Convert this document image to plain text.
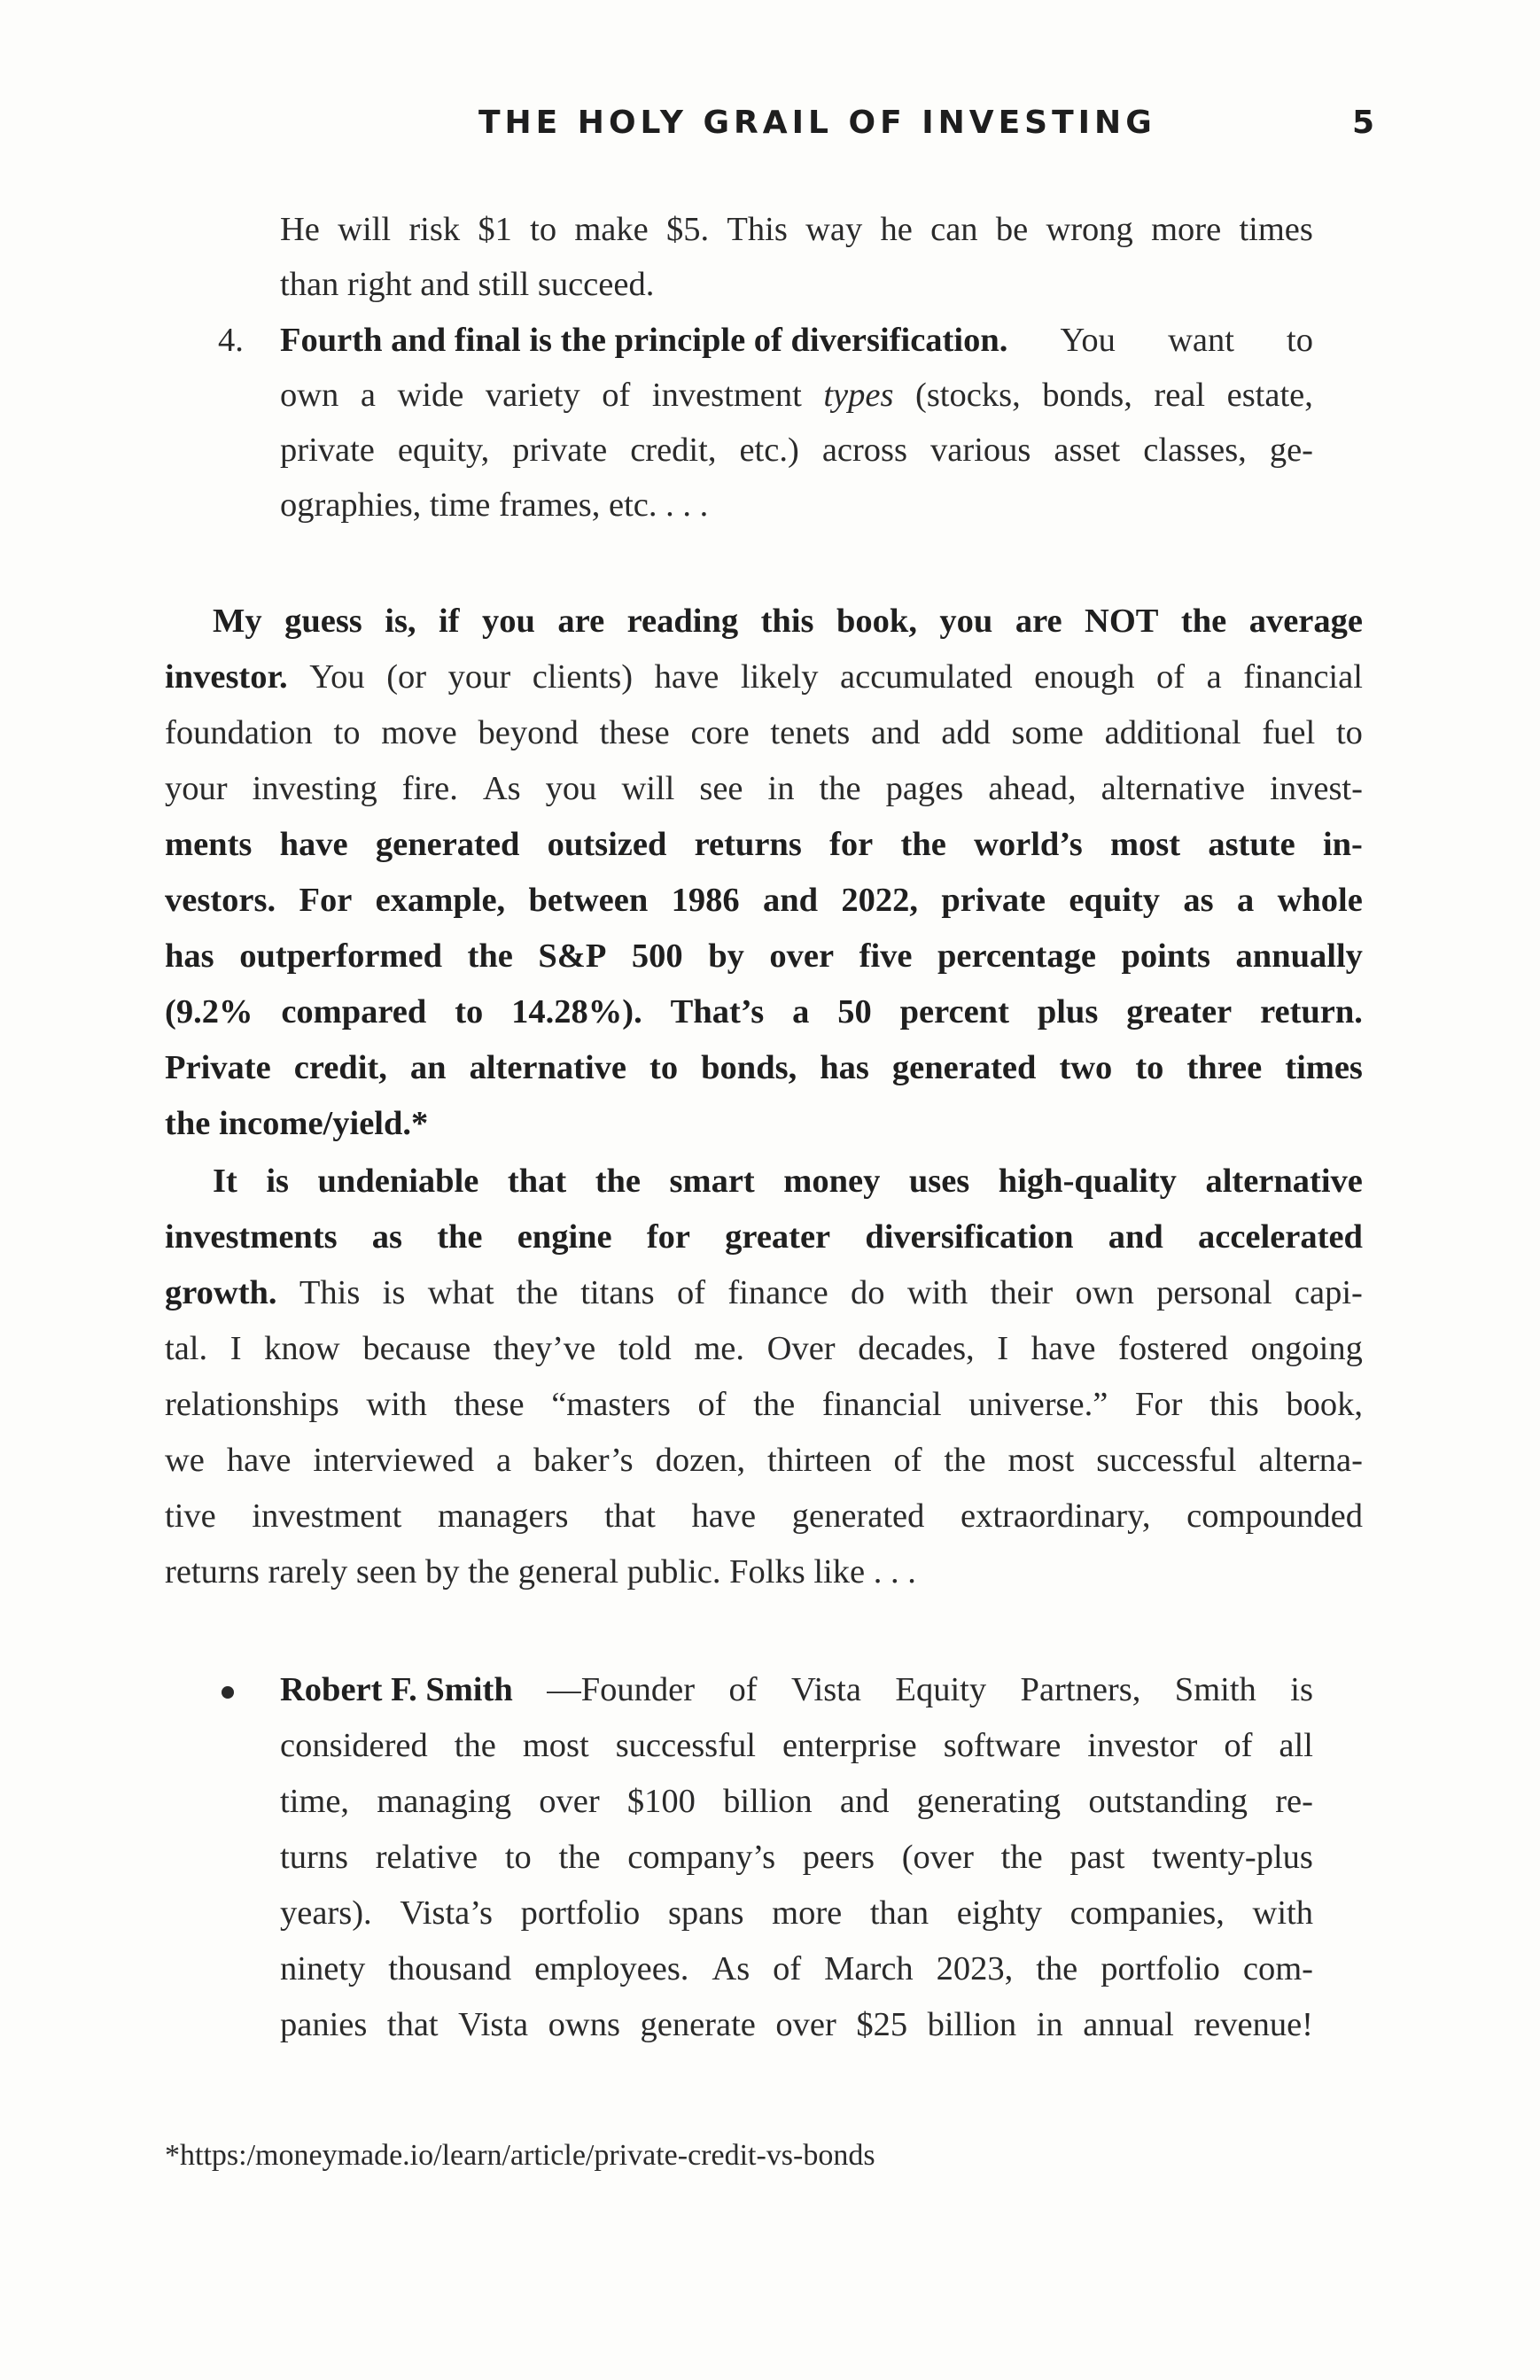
THE HOLY GRAIL OF INVESTING	5
He will risk $1 to make $5. This way he can be wrong more times
than right and still succeed.
4. Fourth and final is the principle of diversification. You want to
own a wide variety of investment types (stocks, bonds, real estate,
private equity, private credit, etc.) across various asset classes, ge-
ographies, time frames, etc. . . .
My guess is, if you are reading this book, you are NOT the average
investor. You (or your clients) have likely accumulated enough of a financial
foundation to move beyond these core tenets and add some additional fuel to
your investing fire. As you will see in the pages ahead, alternative invest-
ments have generated outsized returns for the world’s most astute in-
vestors. For example, between 1986 and 2022, private equity as a whole
has outperformed the S&P 500 by over five percentage points annually
(9.2% compared to 14.28%). That’s a 50 percent plus greater return.
Private credit, an alternative to bonds, has generated two to three times
the income/yield.*
It is undeniable that the smart money uses high-quality alternative
investments as the engine for greater diversification and accelerated
growth. This is what the titans of finance do with their own personal capi-
tal. I know because they’ve told me. Over decades, I have fostered ongoing
relationships with these “masters of the financial universe.” For this book,
we have interviewed a baker’s dozen, thirteen of the most successful alterna-
tive investment managers that have generated extraordinary, compounded
returns rarely seen by the general public. Folks like . . .
Robert F. Smith —Founder of Vista Equity Partners, Smith is
considered the most successful enterprise software investor of all
time, managing over $100 billion and generating outstanding re-
turns relative to the company’s peers (over the past twenty-plus
years). Vista’s portfolio spans more than eighty companies, with
ninety thousand employees. As of March 2023, the portfolio com-
panies that Vista owns generate over $25 billion in annual revenue!
*https:/moneymade.io/learn/article/private-credit-vs-bonds
